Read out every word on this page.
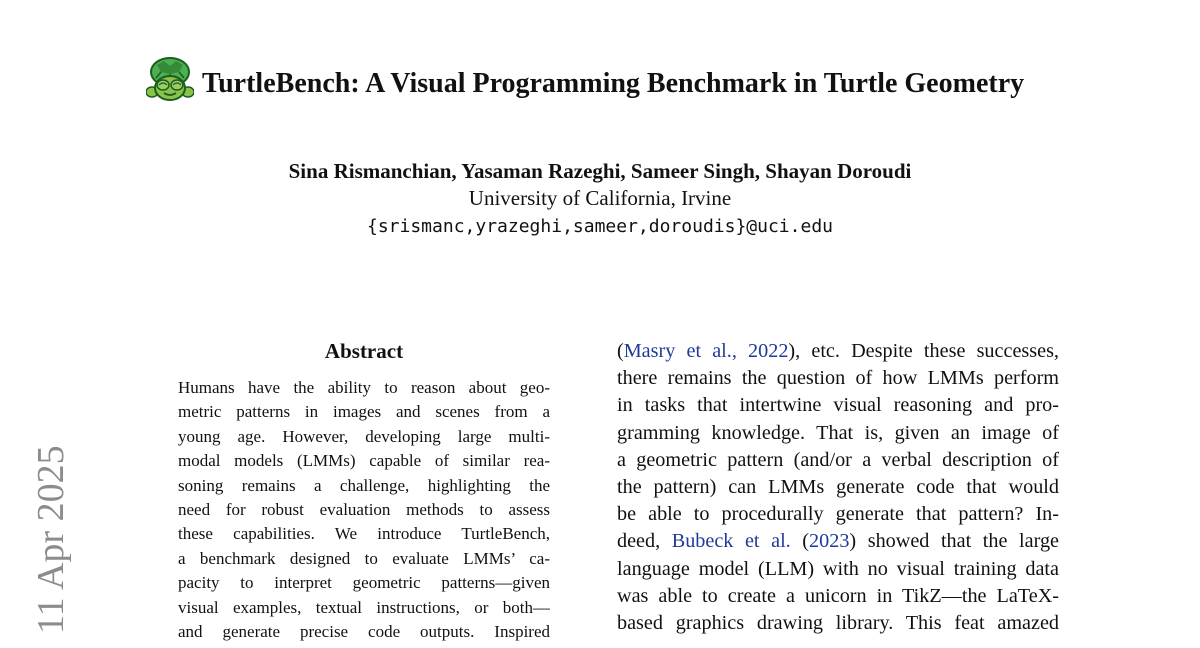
11 Apr 2025
TurtleBench: A Visual Programming Benchmark in Turtle Geometry
Sina Rismanchian, Yasaman Razeghi, Sameer Singh, Shayan Doroudi
University of California, Irvine
{srismanc,yrazeghi,sameer,doroudis}@uci.edu
Abstract
Humans have the ability to reason about geo-
metric patterns in images and scenes from a
young age. However, developing large multi-
modal models (LMMs) capable of similar rea-
soning remains a challenge, highlighting the
need for robust evaluation methods to assess
these capabilities. We introduce TurtleBench,
a benchmark designed to evaluate LMMs’ ca-
pacity to interpret geometric patterns—given
visual examples, textual instructions, or both—
and generate precise code outputs. Inspired
(Masry et al., 2022), etc. Despite these successes,
there remains the question of how LMMs perform
in tasks that intertwine visual reasoning and pro-
gramming knowledge. That is, given an image of
a geometric pattern (and/or a verbal description of
the pattern) can LMMs generate code that would
be able to procedurally generate that pattern? In-
deed, Bubeck et al. (2023) showed that the large
language model (LLM) with no visual training data
was able to create a unicorn in TikZ—the LaTeX-
based graphics drawing library. This feat amazed
